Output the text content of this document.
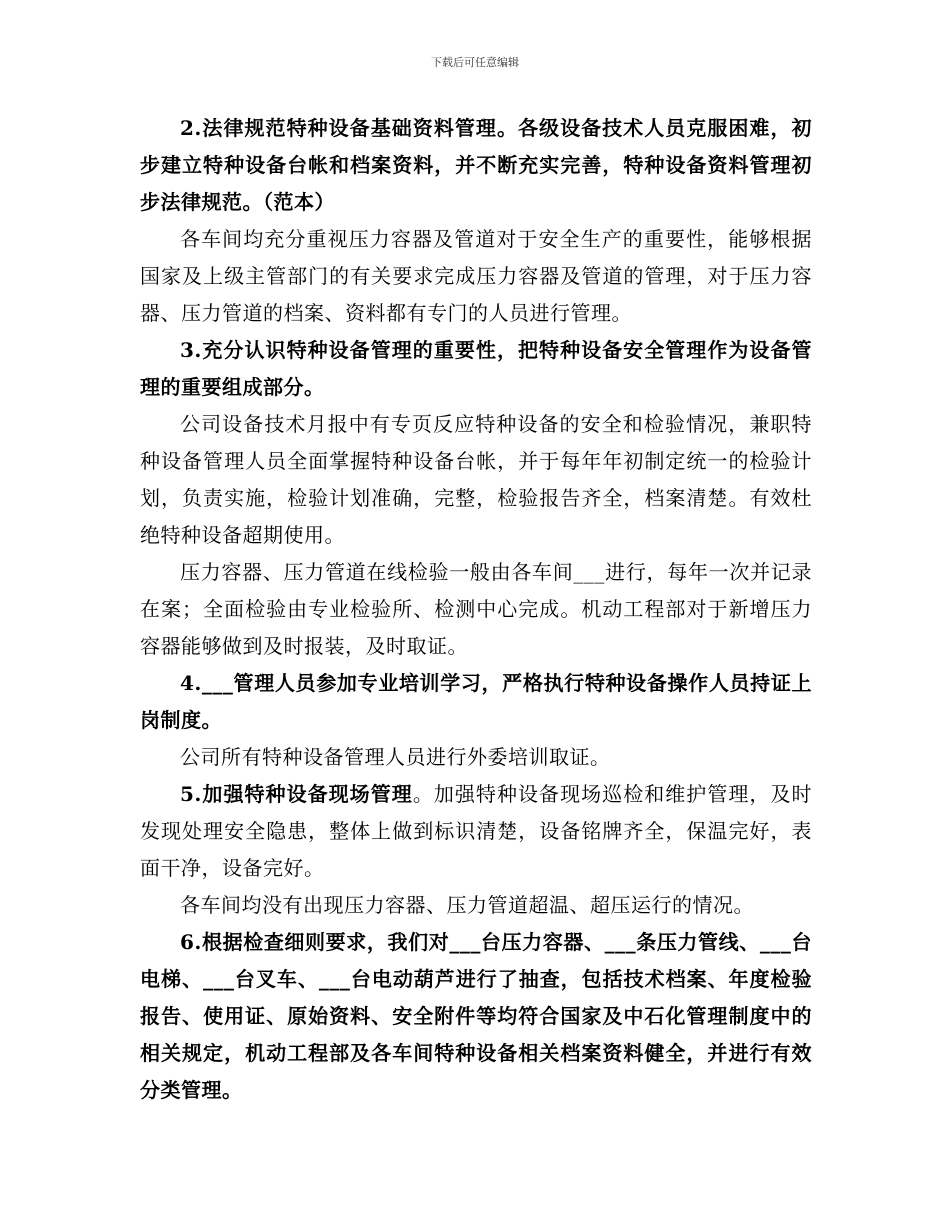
下载后可任意编辑

2.法律规范特种设备基础资料管理。各级设备技术人员克服困难，初步建立特种设备台帐和档案资料，并不断充实完善，特种设备资料管理初步法律规范。（范本）

各车间均充分重视压力容器及管道对于安全生产的重要性，能够根据国家及上级主管部门的有关要求完成压力容器及管道的管理，对于压力容器、压力管道的档案、资料都有专门的人员进行管理。

3.充分认识特种设备管理的重要性，把特种设备安全管理作为设备管理的重要组成部分。

公司设备技术月报中有专页反应特种设备的安全和检验情况，兼职特种设备管理人员全面掌握特种设备台帐，并于每年年初制定统一的检验计划，负责实施，检验计划准确，完整，检验报告齐全，档案清楚。有效杜绝特种设备超期使用。

压力容器、压力管道在线检验一般由各车间___进行，每年一次并记录在案；全面检验由专业检验所、检测中心完成。机动工程部对于新增压力容器能够做到及时报装，及时取证。

4.___管理人员参加专业培训学习，严格执行特种设备操作人员持证上岗制度。

公司所有特种设备管理人员进行外委培训取证。

5.加强特种设备现场管理。加强特种设备现场巡检和维护管理，及时发现处理安全隐患，整体上做到标识清楚，设备铭牌齐全，保温完好，表面干净，设备完好。

各车间均没有出现压力容器、压力管道超温、超压运行的情况。

6.根据检查细则要求，我们对___台压力容器、___条压力管线、___台电梯、___台叉车、___台电动葫芦进行了抽查，包括技术档案、年度检验报告、使用证、原始资料、安全附件等均符合国家及中石化管理制度中的相关规定，机动工程部及各车间特种设备相关档案资料健全，并进行有效分类管理。
